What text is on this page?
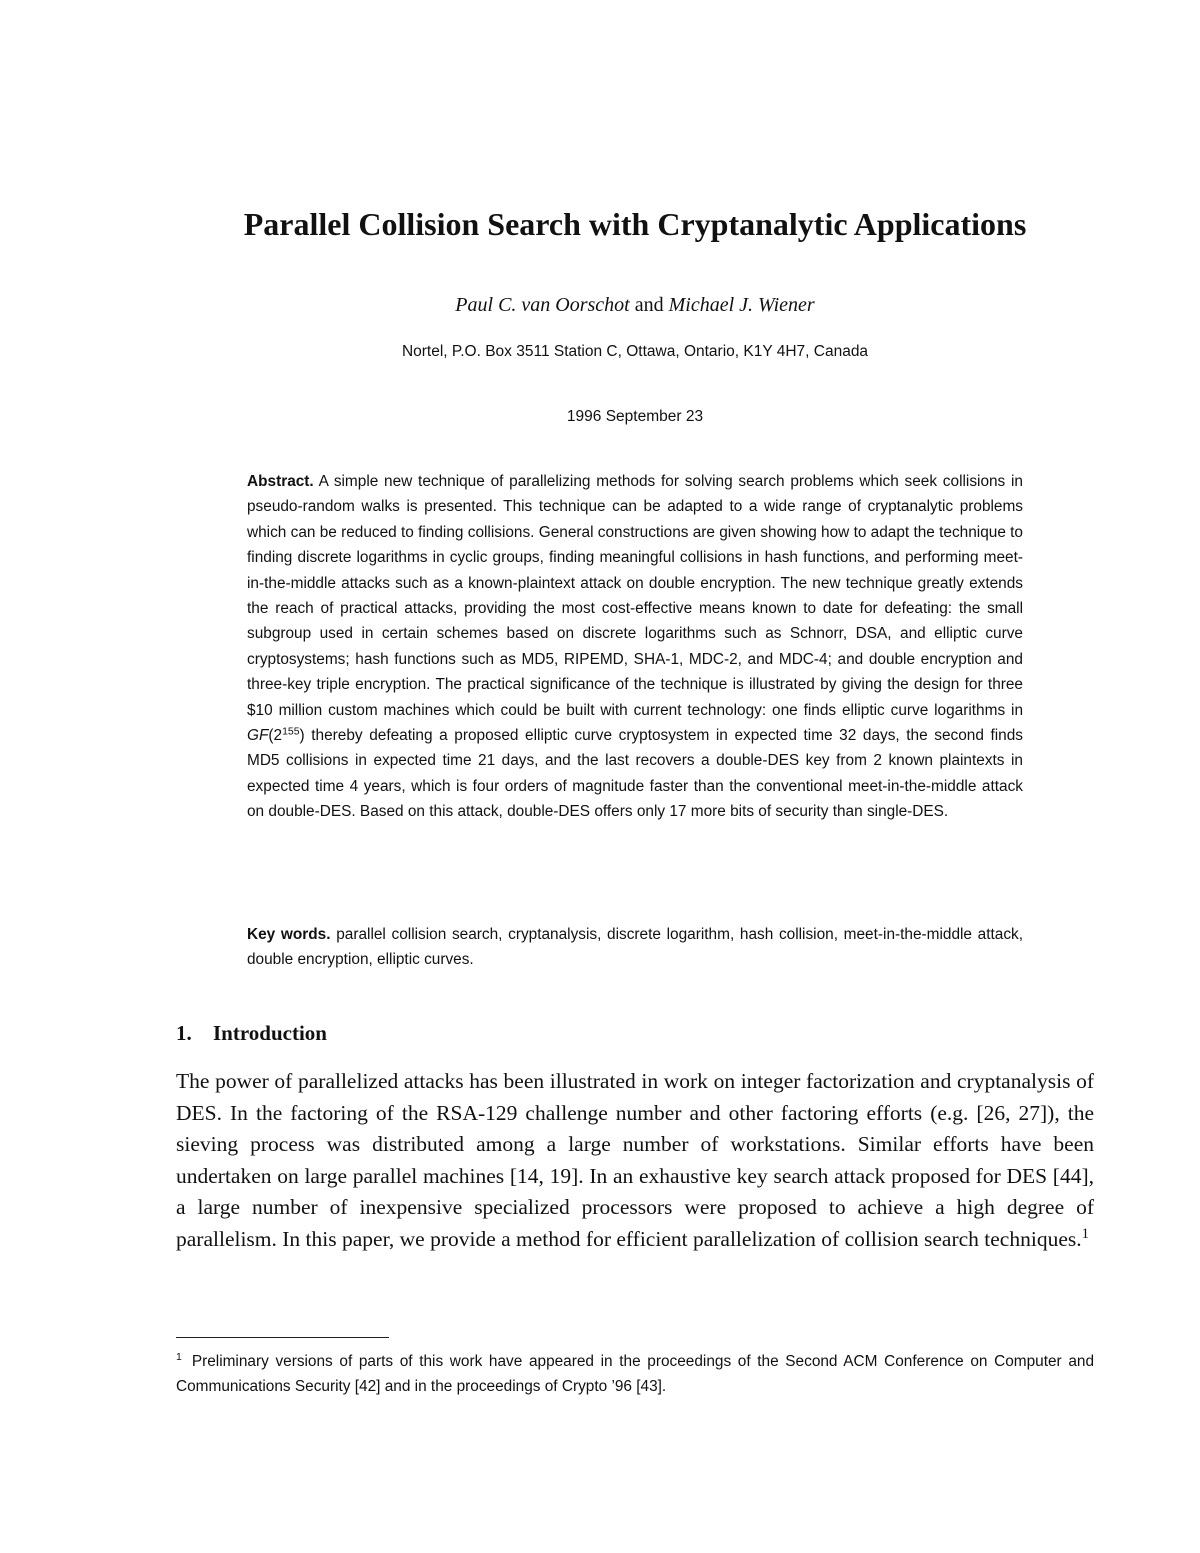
Parallel Collision Search with Cryptanalytic Applications
Paul C. van Oorschot and Michael J. Wiener
Nortel, P.O. Box 3511 Station C, Ottawa, Ontario, K1Y 4H7, Canada
1996 September 23

Abstract. A simple new technique of parallelizing methods for solving search problems which seek collisions in pseudo-random walks is presented. This technique can be adapted to a wide range of cryptanalytic problems which can be reduced to finding collisions. General constructions are given showing how to adapt the technique to finding discrete logarithms in cyclic groups, finding meaningful collisions in hash functions, and performing meet-in-the-middle attacks such as a known-plaintext attack on double encryption. The new technique greatly extends the reach of practical attacks, providing the most cost-effective means known to date for defeating: the small subgroup used in certain schemes based on discrete logarithms such as Schnorr, DSA, and elliptic curve cryptosystems; hash functions such as MD5, RIPEMD, SHA-1, MDC-2, and MDC-4; and double encryption and three-key triple encryption. The practical significance of the technique is illustrated by giving the design for three $10 million custom machines which could be built with current technology: one finds elliptic curve logarithms in $GF(2^{155})$ thereby defeating a proposed elliptic curve cryptosystem in expected time 32 days, the second finds MD5 collisions in expected time 21 days, and the last recovers a double-DES key from 2 known plaintexts in expected time 4 years, which is four orders of magnitude faster than the conventional meet-in-the-middle attack on double-DES. Based on this attack, double-DES offers only 17 more bits of security than single-DES.

Key words. parallel collision search, cryptanalysis, discrete logarithm, hash collision, meet-in-the-middle attack, double encryption, elliptic curves.

1. Introduction

The power of parallelized attacks has been illustrated in work on integer factorization and cryptanalysis of DES. In the factoring of the RSA-129 challenge number and other factoring efforts (e.g. [26, 27]), the sieving process was distributed among a large number of workstations. Similar efforts have been undertaken on large parallel machines [14, 19]. In an exhaustive key search attack proposed for DES [44], a large number of inexpensive specialized processors were proposed to achieve a high degree of parallelism. In this paper, we provide a method for efficient parallelization of collision search techniques.$^1$

$^1$ Preliminary versions of parts of this work have appeared in the proceedings of the Second ACM Conference on Computer and Communications Security [42] and in the proceedings of Crypto ’96 [43].
